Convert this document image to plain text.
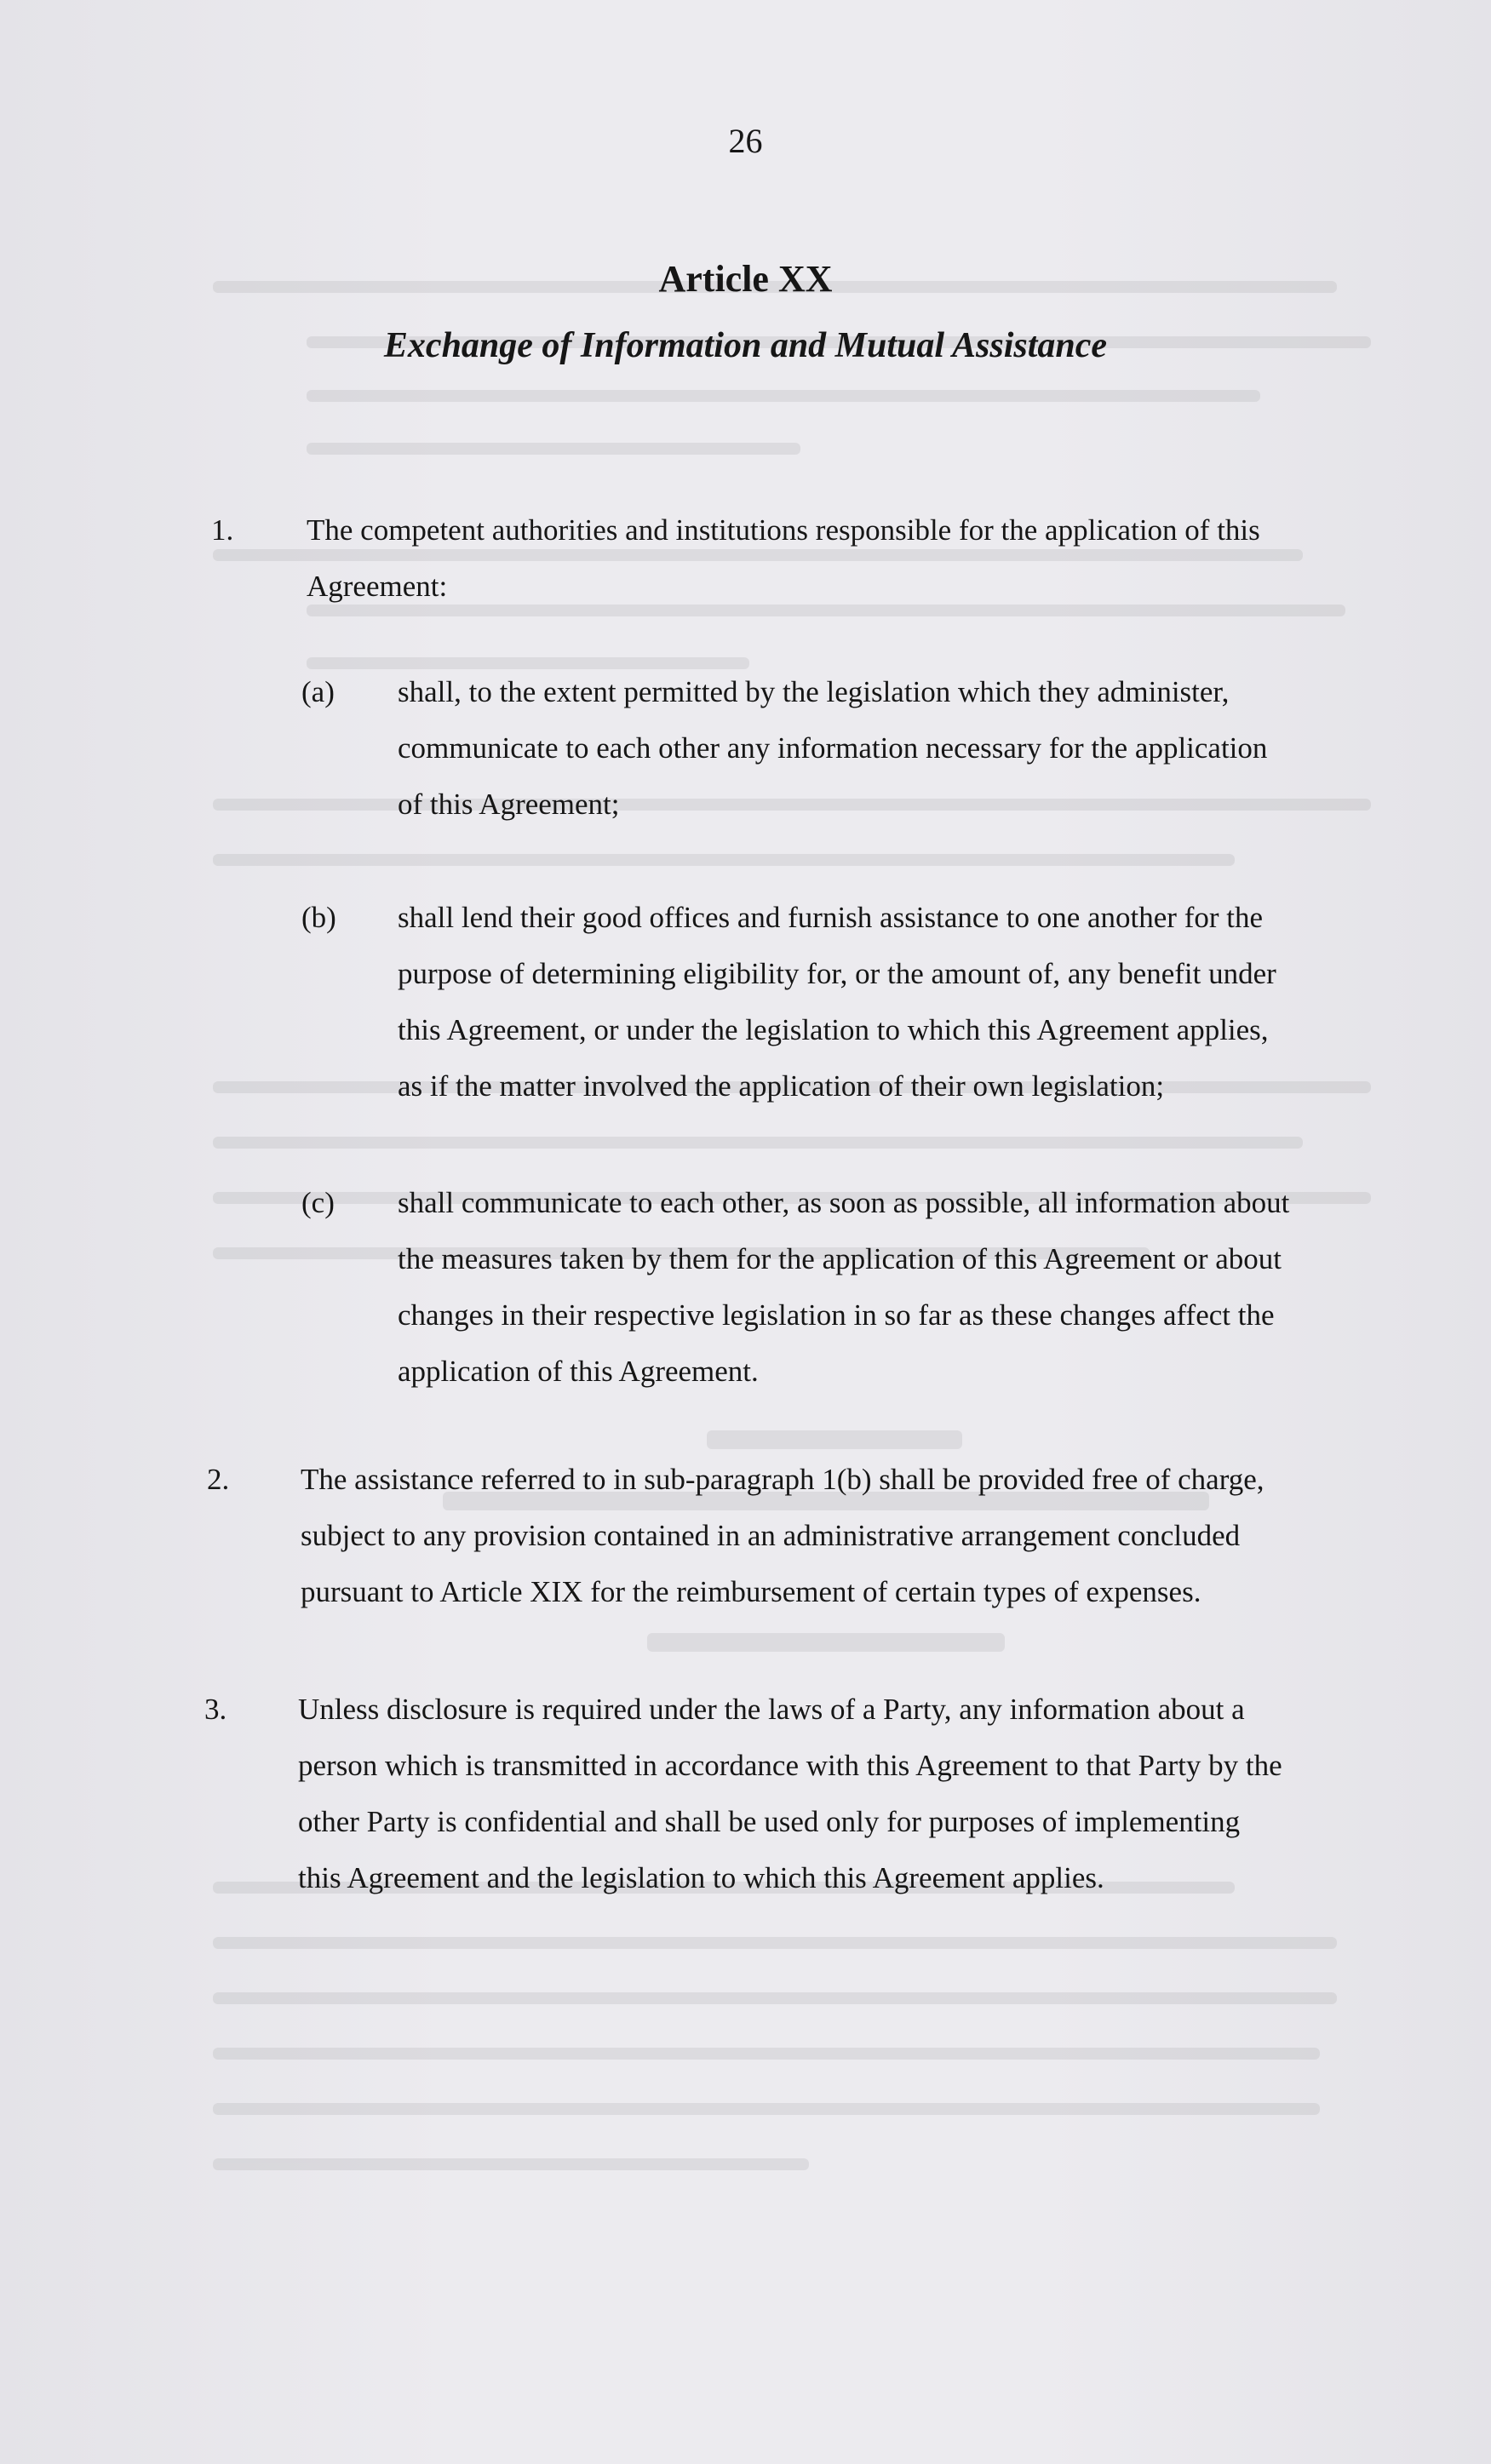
26
Article XX
Exchange of Information and Mutual Assistance
1. The competent authorities and institutions responsible for the application of this
Agreement:
(a) shall, to the extent permitted by the legislation which they administer,
communicate to each other any information necessary for the application
of this Agreement;
(b) shall lend their good offices and furnish assistance to one another for the
purpose of determining eligibility for, or the amount of, any benefit under
this Agreement, or under the legislation to which this Agreement applies,
as if the matter involved the application of their own legislation;
(c) shall communicate to each other, as soon as possible, all information about
the measures taken by them for the application of this Agreement or about
changes in their respective legislation in so far as these changes affect the
application of this Agreement.
2. The assistance referred to in sub-paragraph 1(b) shall be provided free of charge,
subject to any provision contained in an administrative arrangement concluded
pursuant to Article XIX for the reimbursement of certain types of expenses.
3. Unless disclosure is required under the laws of a Party, any information about a
person which is transmitted in accordance with this Agreement to that Party by the
other Party is confidential and shall be used only for purposes of implementing
this Agreement and the legislation to which this Agreement applies.
